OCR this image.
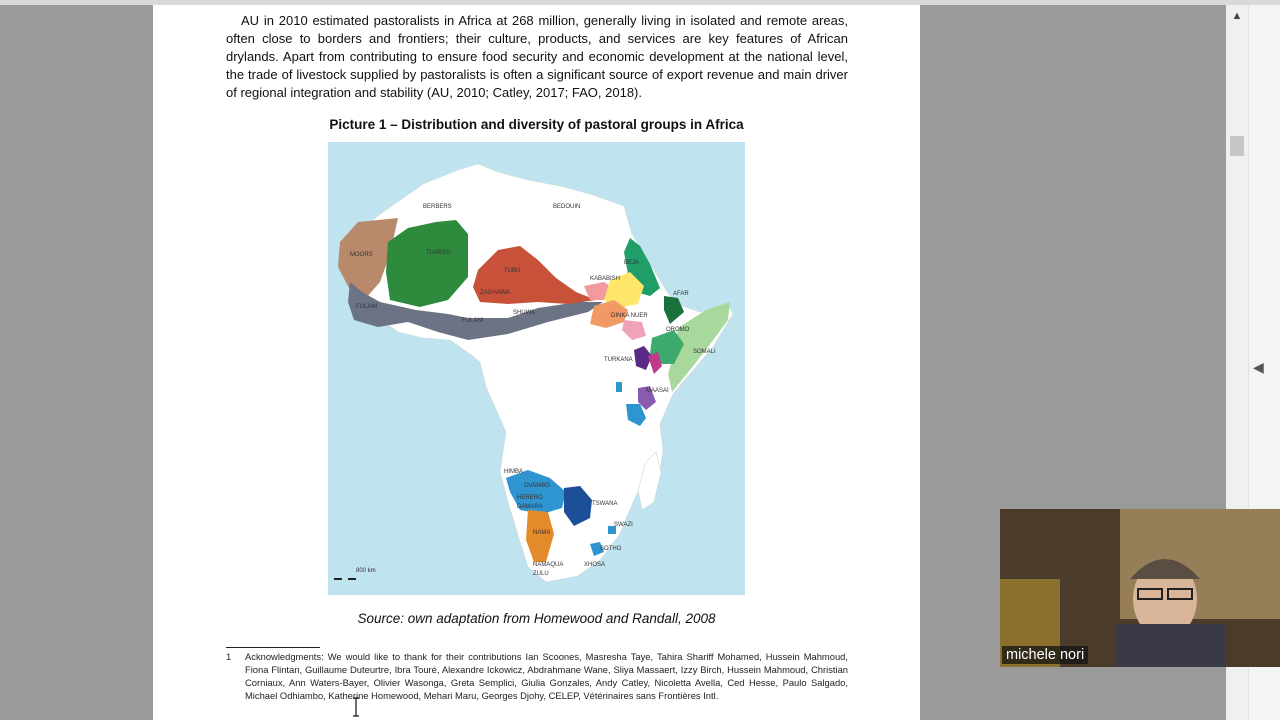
AU in 2010 estimated pastoralists in Africa at 268 million, generally living in isolated and remote areas, often close to borders and frontiers; their culture, products, and services are key features of African drylands. Apart from contributing to ensure food security and economic development at the national level, the trade of livestock supplied by pastoralists is often a significant source of export revenue and main driver of regional integration and stability (AU, 2010; Catley, 2017; FAO, 2018).

Picture 1 – Distribution and diversity of pastoral groups in Africa
BERBERS	BEDOUIN
MOORS	TUAREG
TUBU
BEJA
KABABISH
AFAR
ZAGHAWA
FULANI
SHUWA	DINKA NUER
OROMO
FULANI
SOMALI
TURKANA
MAASAI
HIMBA
OVAMBO
HERERO
DAMARA	TSWANA
NAMA
SWAZI
SOTHO
XHOSA
NAMAQUA
ZULU
800 km
Source: own adaptation from Homewood and Randall, 2008
1 Acknowledgments: We would like to thank for their contributions Ian Scoones, Masresha Taye, Tahira Shariff Mohamed, Hussein Mahmoud, Fiona Flintan, Guillaume Duteurtre, Ibra Touré, Alexandre Ickowicz, Abdrahmane Wane, Sliya Massaert, Izzy Birch, Hussein Mahmoud, Christian Corniaux, Ann Waters-Bayer, Olivier Wasonga, Greta Semplici, Giulia Gonzales, Andy Catley, Nicoletta Avella, Ced Hesse, Paulo Salgado, Michael Odhiambo, Katherine Homewood, Mehari Maru, Georges Djohy, CELEP, Vétérinaires sans Frontières Intl.
▲
◀
michele nori
